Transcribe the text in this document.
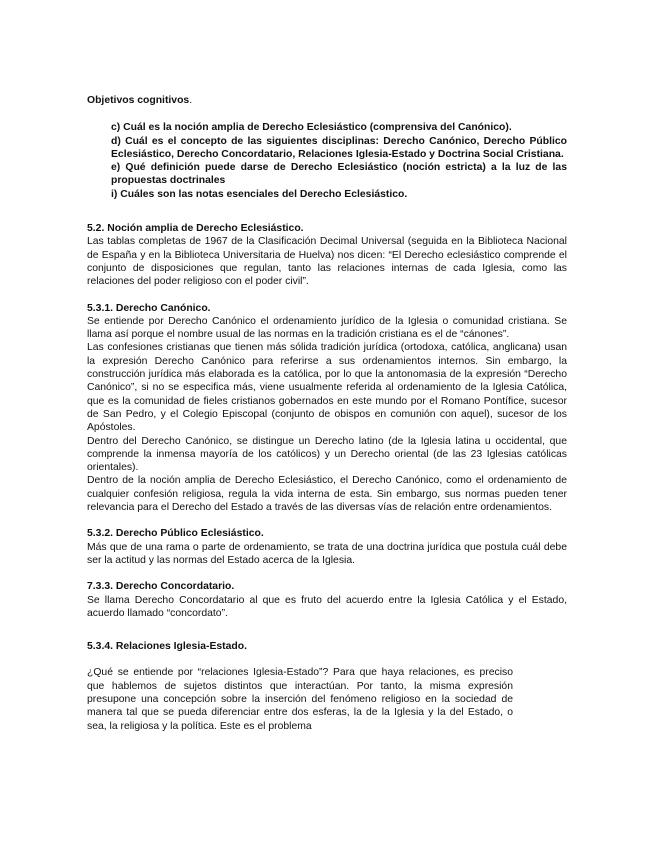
Objetivos cognitivos.

c) Cuál es la noción amplia de Derecho Eclesiástico (comprensiva del Canónico).

d) Cuál es el concepto de las siguientes disciplinas: Derecho Canónico, Derecho Público Eclesiástico, Derecho Concordatario, Relaciones Iglesia-Estado y Doctrina Social Cristiana.

e) Qué definición puede darse de Derecho Eclesiástico (noción estricta) a la luz de las propuestas doctrinales

i) Cuáles son las notas esenciales del Derecho Eclesiástico.

5.2. Noción amplia de Derecho Eclesiástico.

Las tablas completas de 1967 de la Clasificación Decimal Universal (seguida en la Biblioteca Nacional de España y en la Biblioteca Universitaria de Huelva) nos dicen: “El Derecho eclesiástico comprende el conjunto de disposiciones que regulan, tanto las relaciones internas de cada Iglesia, como las relaciones del poder religioso con el poder civil”.

5.3.1. Derecho Canónico.

Se entiende por Derecho Canónico el ordenamiento jurídico de la Iglesia o comunidad cristiana. Se llama así porque el nombre usual de las normas en la tradición cristiana es el de “cánones”.

Las confesiones cristianas que tienen más sólida tradición jurídica (ortodoxa, católica, anglicana) usan la expresión Derecho Canónico para referirse a sus ordenamientos internos. Sin embargo, la construcción jurídica más elaborada es la católica, por lo que la antonomasia de la expresión “Derecho Canónico”, si no se especifica más, viene usualmente referida al ordenamiento de la Iglesia Católica, que es la comunidad de fieles cristianos gobernados en este mundo por el Romano Pontífice, sucesor de San Pedro, y el Colegio Episcopal (conjunto de obispos en comunión con aquel), sucesor de los Apóstoles.

Dentro del Derecho Canónico, se distingue un Derecho latino (de la Iglesia latina u occidental, que comprende la inmensa mayoría de los católicos) y un Derecho oriental (de las 23 Iglesias católicas orientales).

Dentro de la noción amplia de Derecho Eclesiástico, el Derecho Canónico, como el ordenamiento de cualquier confesión religiosa, regula la vida interna de esta. Sin embargo, sus normas pueden tener relevancia para el Derecho del Estado a través de las diversas vías de relación entre ordenamientos.

5.3.2. Derecho Público Eclesiástico.

Más que de una rama o parte de ordenamiento, se trata de una doctrina jurídica que postula cuál debe ser la actitud y las normas del Estado acerca de la Iglesia.

7.3.3. Derecho Concordatario.

Se llama Derecho Concordatario al que es fruto del acuerdo entre la Iglesia Católica y el Estado, acuerdo llamado “concordato”.

5.3.4. Relaciones Iglesia-Estado.

¿Qué se entiende por “relaciones Iglesia-Estado”? Para que haya relaciones, es preciso que hablemos de sujetos distintos que interactúan. Por tanto, la misma expresión presupone una concepción sobre la inserción del fenómeno religioso en la sociedad de manera tal que se pueda diferenciar entre dos esferas, la de la Iglesia y la del Estado, o sea, la religiosa y la política. Este es el problema
